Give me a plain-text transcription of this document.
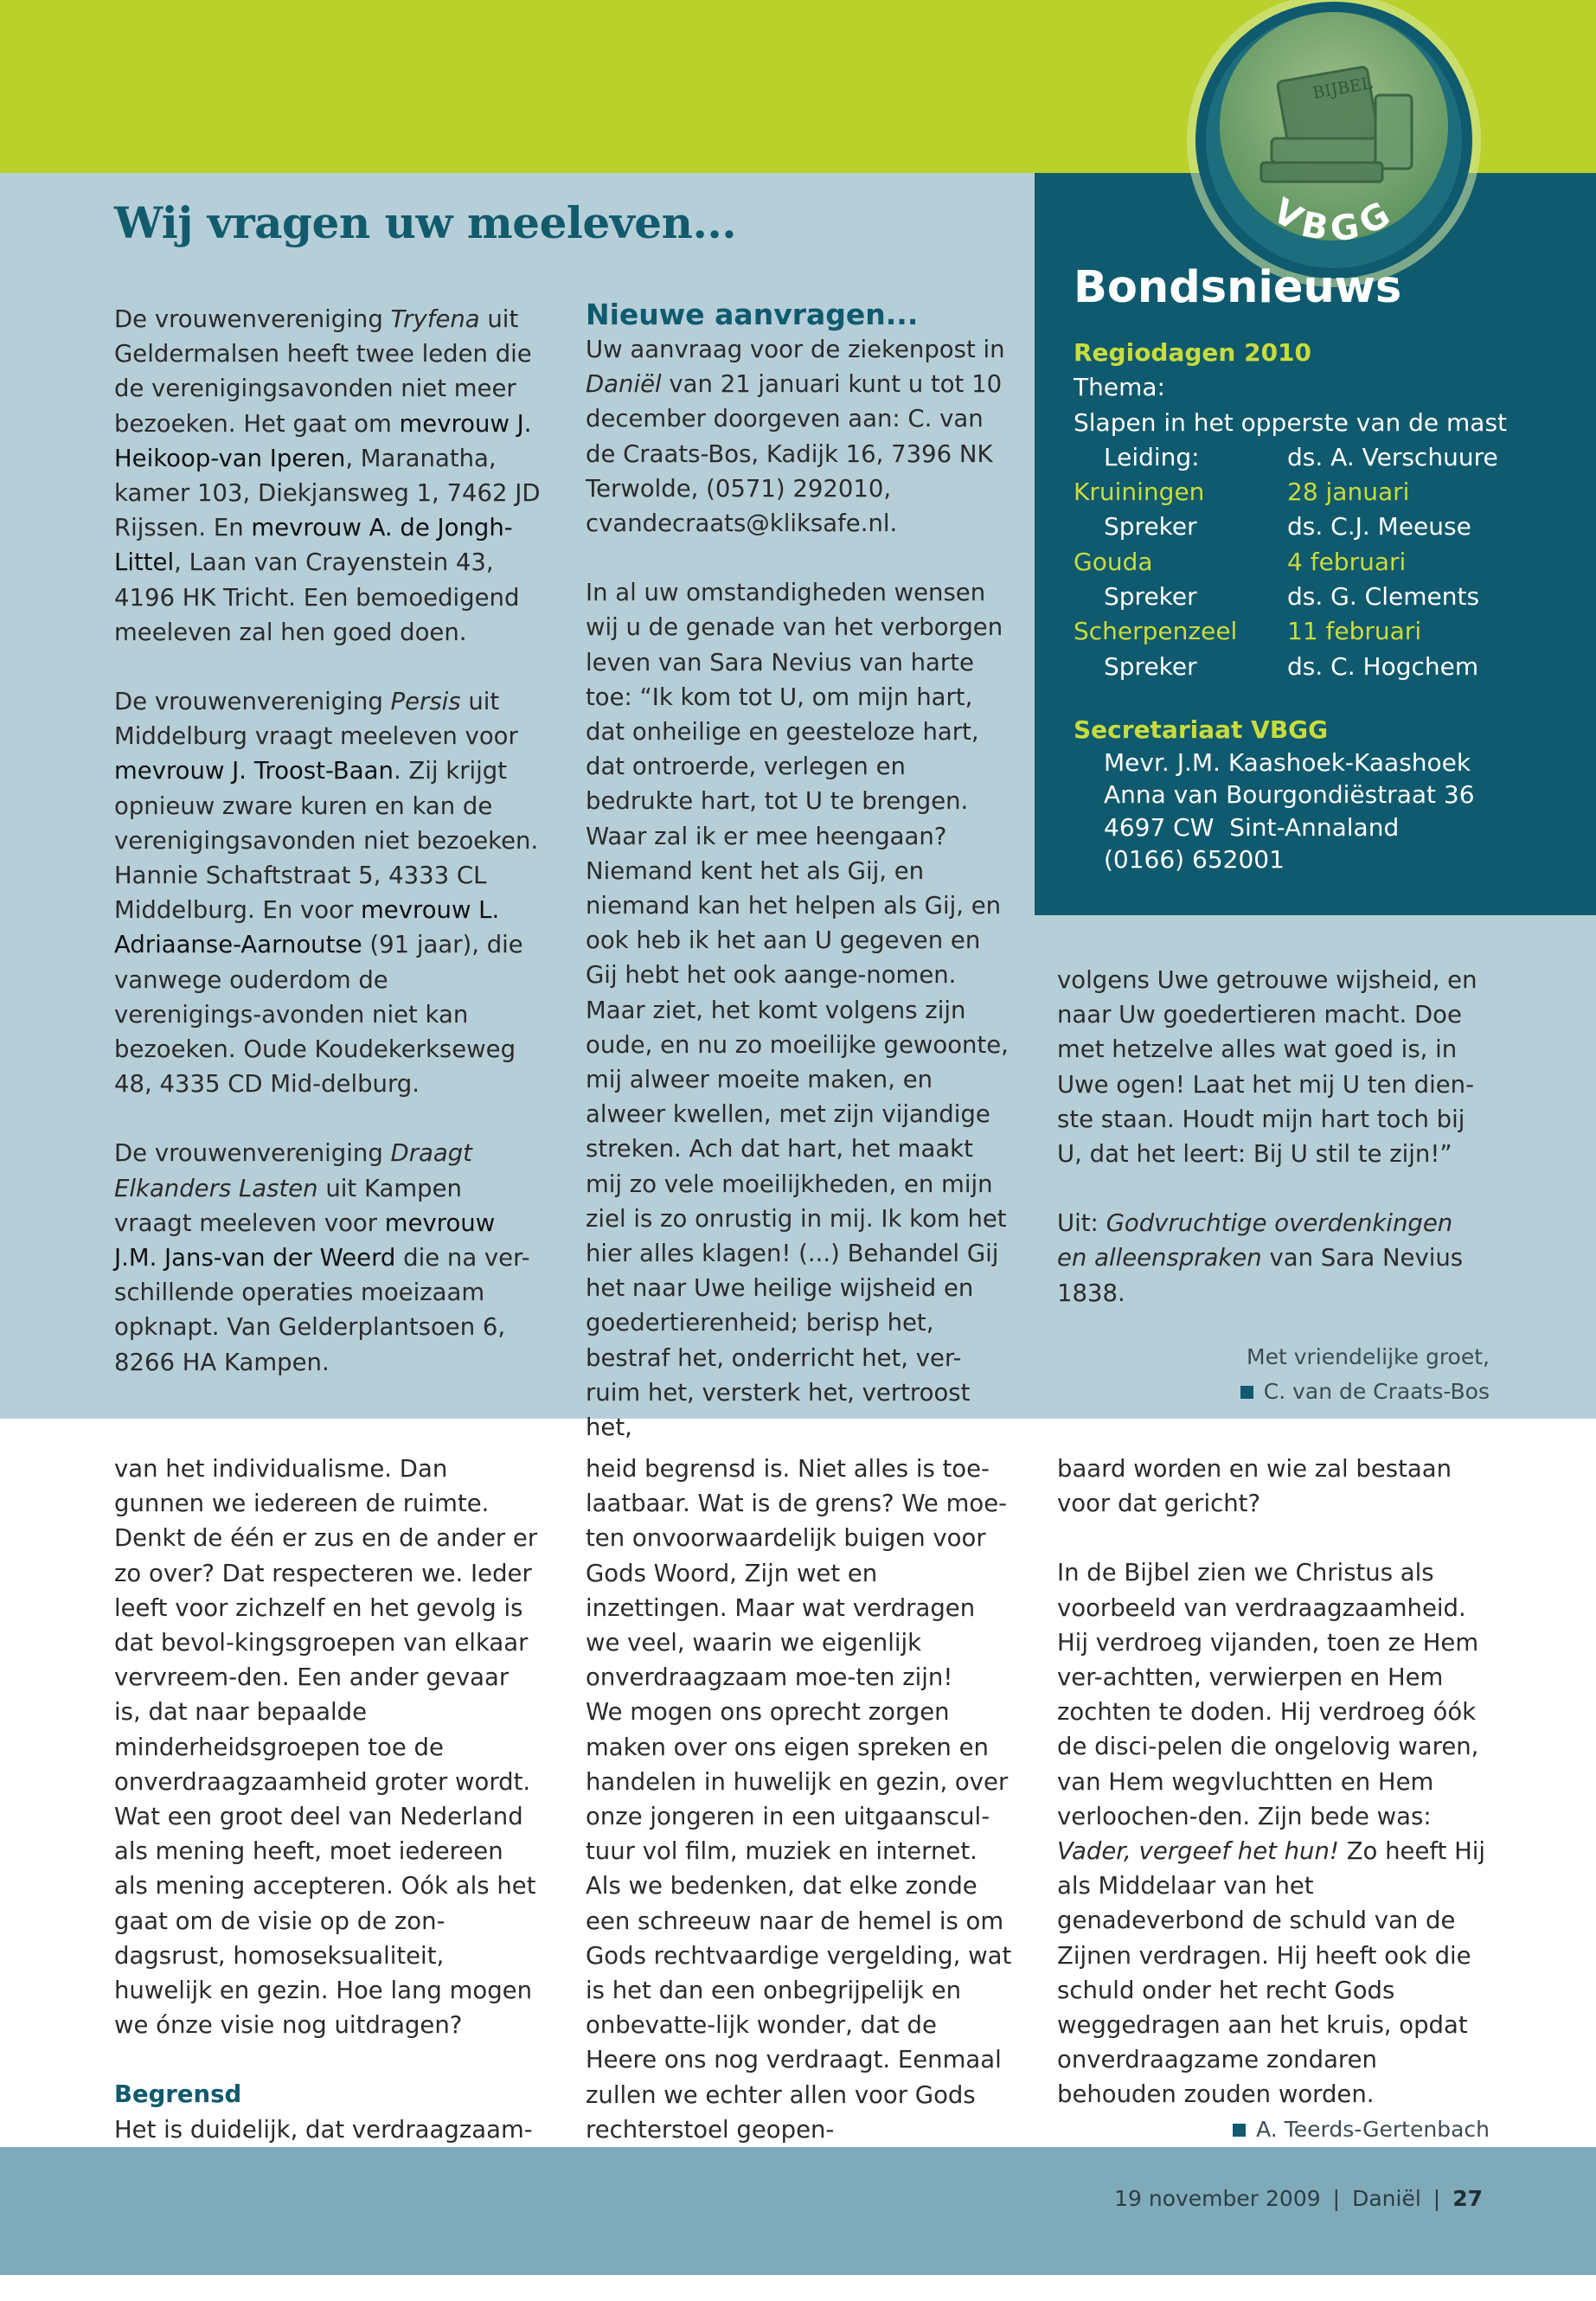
BIJBEL
VBGG
Wij vragen uw meeleven...

De vrouwenvereniging Tryfena uit Geldermalsen heeft twee leden die de verenigingsavonden niet meer bezoeken. Het gaat om mevrouw J. Heikoop-van Iperen, Maranatha, kamer 103, Diekjansweg 1, 7462 JD Rijssen. En mevrouw A. de Jongh-Littel, Laan van Crayenstein 43, 4196 HK Tricht. Een bemoedigend meeleven zal hen goed doen.

De vrouwenvereniging Persis uit Middelburg vraagt meeleven voor mevrouw J. Troost-Baan. Zij krijgt opnieuw zware kuren en kan de verenigingsavonden niet bezoeken. Hannie Schaftstraat 5, 4333 CL Middelburg. En voor mevrouw L. Adriaanse-Aarnoutse (91 jaar), die vanwege ouderdom de verenigings-avonden niet kan bezoeken. Oude Koudekerkseweg 48, 4335 CD Mid-delburg.

De vrouwenvereniging Draagt Elkanders Lasten uit Kampen vraagt meeleven voor mevrouw J.M. Jans-van der Weerd die na ver-schillende operaties moeizaam opknapt. Van Gelderplantsoen 6, 8266 HA Kampen.

Nieuwe aanvragen...

Uw aanvraag voor de ziekenpost in Daniël van 21 januari kunt u tot 10 december doorgeven aan: C. van de Craats-Bos, Kadijk 16, 7396 NK Terwolde, (0571) 292010, cvandecraats@kliksafe.nl.

In al uw omstandigheden wensen wij u de genade van het verborgen leven van Sara Nevius van harte toe: “Ik kom tot U, om mijn hart, dat onheilige en geesteloze hart, dat ontroerde, verlegen en bedrukte hart, tot U te brengen. Waar zal ik er mee heengaan? Niemand kent het als Gij, en niemand kan het helpen als Gij, en ook heb ik het aan U gegeven en Gij hebt het ook aange-nomen. Maar ziet, het komt volgens zijn oude, en nu zo moeilijke gewoonte, mij alweer moeite maken, en alweer kwellen, met zijn vijandige streken. Ach dat hart, het maakt mij zo vele moeilijkheden, en mijn ziel is zo onrustig in mij. Ik kom het hier alles klagen! (...) Behandel Gij het naar Uwe heilige wijsheid en goedertierenheid; berisp het, bestraf het, onderricht het, ver-ruim het, versterk het, vertroost het,

volgens Uwe getrouwe wijsheid, en naar Uw goedertieren macht. Doe met hetzelve alles wat goed is, in Uwe ogen! Laat het mij U ten dien-ste staan. Houdt mijn hart toch bij U, dat het leert: Bij U stil te zijn!”

Uit: Godvruchtige overdenkingen en alleenspraken van Sara Nevius 1838.

Met vriendelijke groet,
C. van de Craats-Bos
Bondsnieuws
Regiodagen 2010
Thema:
Slapen in het opperste van de mast
Leiding:	ds. A. Verschuure
Kruiningen	28 januari
Spreker	ds. C.J. Meeuse
Gouda	4 februari
Spreker	ds. G. Clements
Scherpenzeel	11 februari
Spreker	ds. C. Hogchem
Secretariaat VBGG
Mevr. J.M. Kaashoek-Kaashoek
Anna van Bourgondiëstraat 36
4697 CW  Sint-Annaland
(0166) 652001

van het individualisme. Dan gunnen we iedereen de ruimte. Denkt de één er zus en de ander er zo over? Dat respecteren we. Ieder leeft voor zichzelf en het gevolg is dat bevol-kingsgroepen van elkaar vervreem-den. Een ander gevaar is, dat naar bepaalde minderheidsgroepen toe de onverdraagzaamheid groter wordt. Wat een groot deel van Nederland als mening heeft, moet iedereen als mening accepteren. Oók als het gaat om de visie op de zon-dagsrust, homoseksualiteit, huwelijk en gezin. Hoe lang mogen we ónze visie nog uitdragen?

Begrensd

Het is duidelijk, dat verdraagzaam-

heid begrensd is. Niet alles is toe-laatbaar. Wat is de grens? We moe-ten onvoorwaardelijk buigen voor Gods Woord, Zijn wet en inzettingen. Maar wat verdragen we veel, waarin we eigenlijk onverdraagzaam moe-ten zijn!

We mogen ons oprecht zorgen maken over ons eigen spreken en handelen in huwelijk en gezin, over onze jongeren in een uitgaanscul-tuur vol film, muziek en internet.

Als we bedenken, dat elke zonde een schreeuw naar de hemel is om Gods rechtvaardige vergelding, wat is het dan een onbegrijpelijk en onbevatte-lijk wonder, dat de Heere ons nog verdraagt. Eenmaal zullen we echter allen voor Gods rechterstoel geopen-

baard worden en wie zal bestaan voor dat gericht?

In de Bijbel zien we Christus als voorbeeld van verdraagzaamheid. Hij verdroeg vijanden, toen ze Hem ver-achtten, verwierpen en Hem zochten te doden. Hij verdroeg óók de disci-pelen die ongelovig waren, van Hem wegvluchtten en Hem verloochen-den. Zijn bede was: Vader, vergeef het hun! Zo heeft Hij als Middelaar van het genadeverbond de schuld van de Zijnen verdragen. Hij heeft ook die schuld onder het recht Gods weggedragen aan het kruis, opdat onverdraagzame zondaren behouden zouden worden.

A. Teerds-Gertenbach
19 november 2009 | Daniël | 27
